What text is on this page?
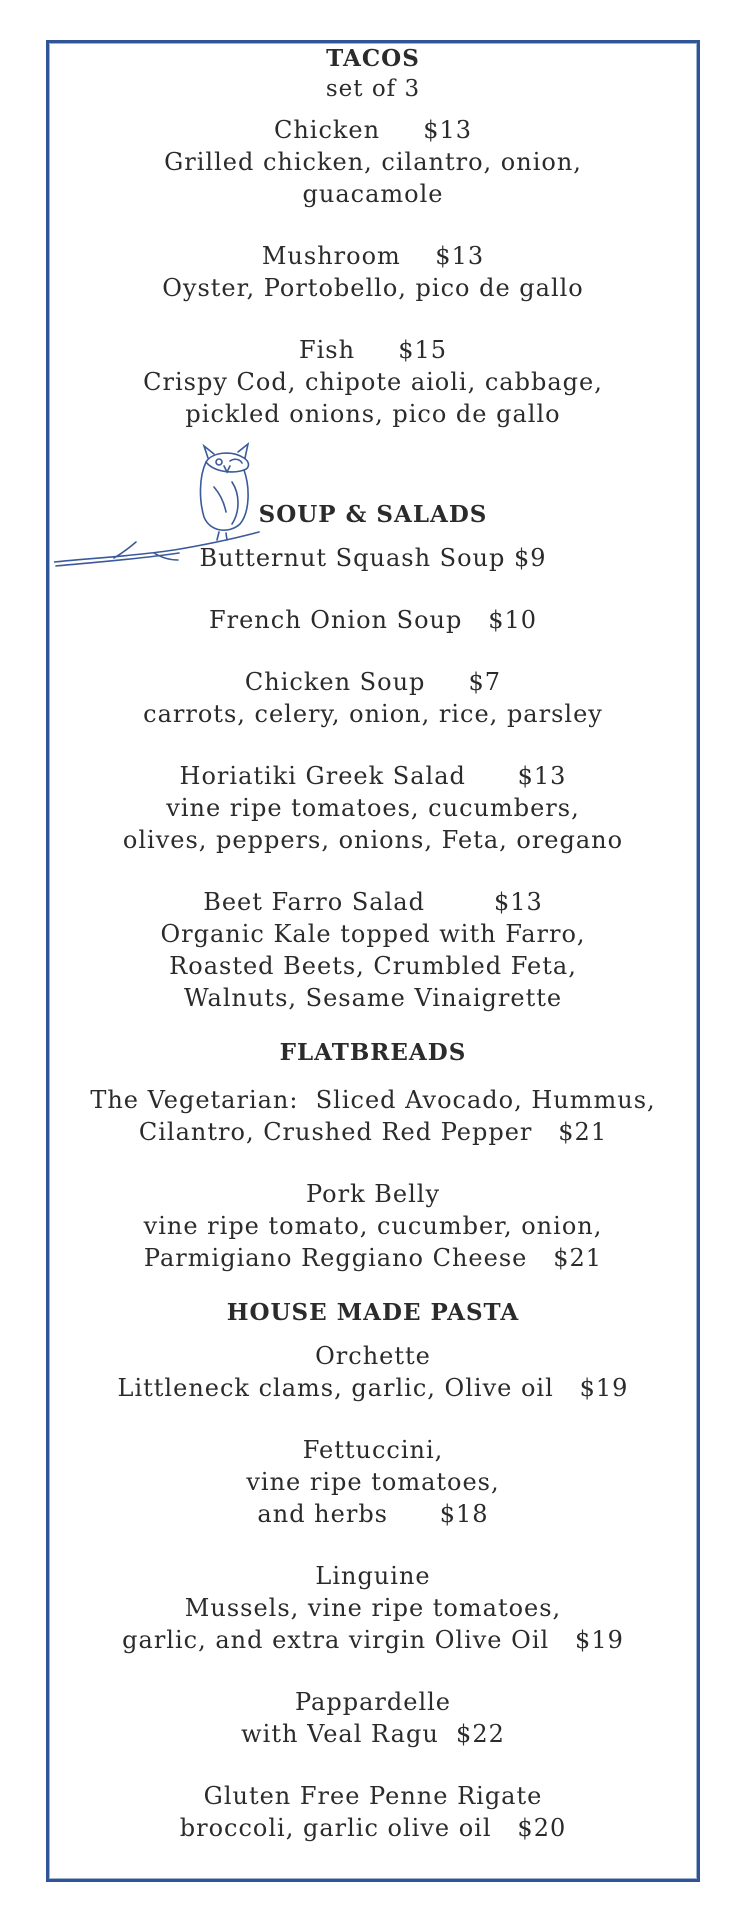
TACOS

set of 3

Chicken     $13
Grilled chicken, cilantro, onion,
guacamole
Mushroom    $13
Oyster, Portobello, pico de gallo
Fish     $15
Crispy Cod, chipote aioli, cabbage,
pickled onions, pico de gallo

SOUP & SALADS

Butternut Squash Soup $9
French Onion Soup   $10
Chicken Soup     $7
carrots, celery, onion, rice, parsley
Horiatiki Greek Salad      $13
vine ripe tomatoes, cucumbers,
olives, peppers, onions, Feta, oregano
Beet Farro Salad        $13
Organic Kale topped with Farro,
Roasted Beets, Crumbled Feta,
Walnuts, Sesame Vinaigrette

FLATBREADS

The Vegetarian:  Sliced Avocado, Hummus,
Cilantro, Crushed Red Pepper   $21
Pork Belly
vine ripe tomato, cucumber, onion,
Parmigiano Reggiano Cheese   $21

HOUSE MADE PASTA

Orchette
Littleneck clams, garlic, Olive oil   $19
Fettuccini,
vine ripe tomatoes,
and herbs      $18
Linguine
Mussels, vine ripe tomatoes,
garlic, and extra virgin Olive Oil   $19
Pappardelle
with Veal Ragu  $22
Gluten Free Penne Rigate
broccoli, garlic olive oil   $20
